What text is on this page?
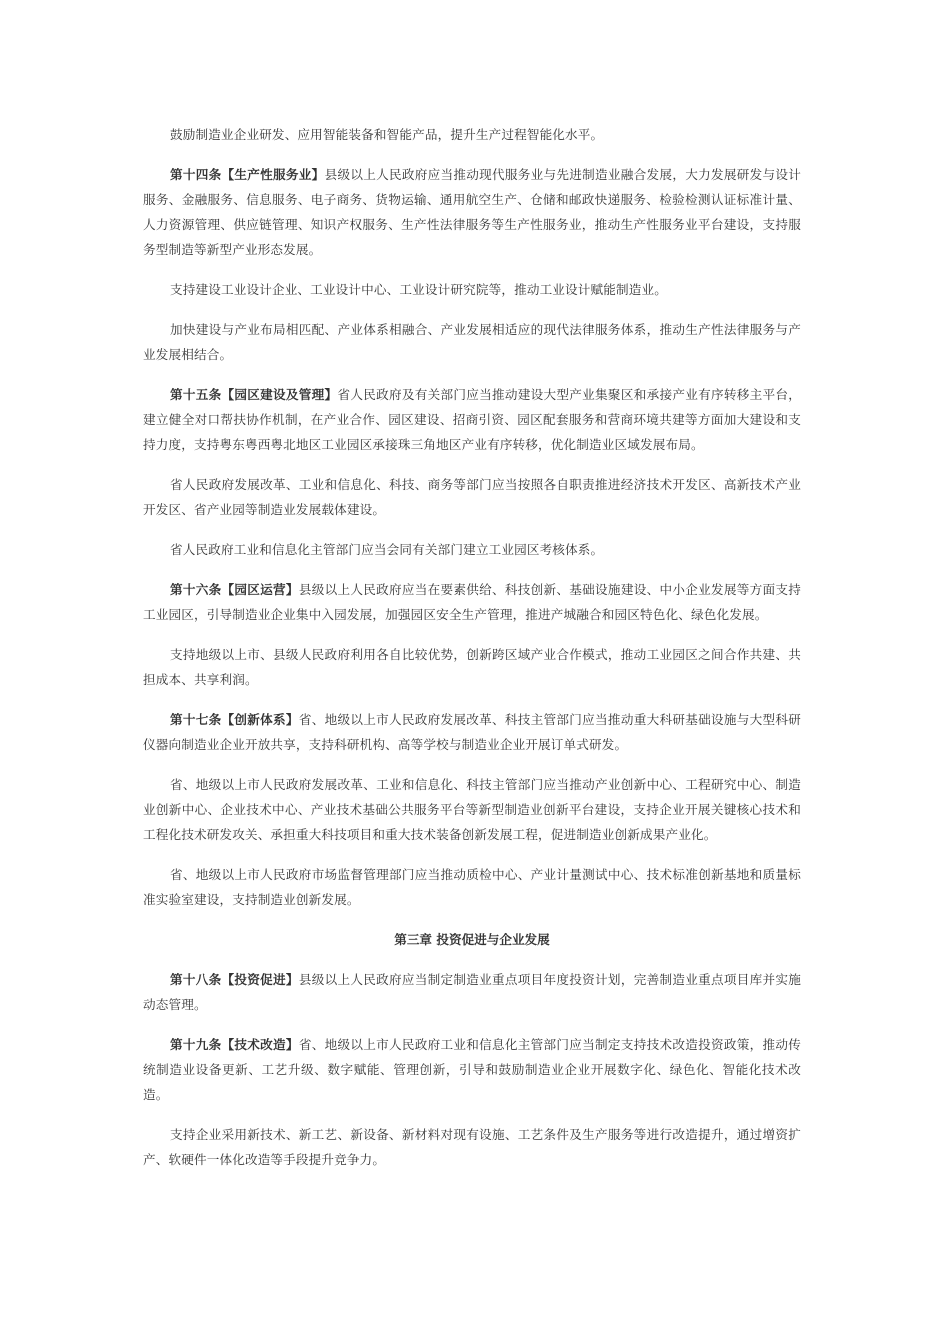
鼓励制造业企业研发、应用智能装备和智能产品，提升生产过程智能化水平。

第十四条【生产性服务业】县级以上人民政府应当推动现代服务业与先进制造业融合发展，大力发展研发与设计服务、金融服务、信息服务、电子商务、货物运输、通用航空生产、仓储和邮政快递服务、检验检测认证标准计量、人力资源管理、供应链管理、知识产权服务、生产性法律服务等生产性服务业，推动生产性服务业平台建设，支持服务型制造等新型产业形态发展。

支持建设工业设计企业、工业设计中心、工业设计研究院等，推动工业设计赋能制造业。

加快建设与产业布局相匹配、产业体系相融合、产业发展相适应的现代法律服务体系，推动生产性法律服务与产业发展相结合。

第十五条【园区建设及管理】省人民政府及有关部门应当推动建设大型产业集聚区和承接产业有序转移主平台，建立健全对口帮扶协作机制，在产业合作、园区建设、招商引资、园区配套服务和营商环境共建等方面加大建设和支持力度，支持粤东粤西粤北地区工业园区承接珠三角地区产业有序转移，优化制造业区域发展布局。

省人民政府发展改革、工业和信息化、科技、商务等部门应当按照各自职责推进经济技术开发区、高新技术产业开发区、省产业园等制造业发展载体建设。

省人民政府工业和信息化主管部门应当会同有关部门建立工业园区考核体系。

第十六条【园区运营】县级以上人民政府应当在要素供给、科技创新、基础设施建设、中小企业发展等方面支持工业园区，引导制造业企业集中入园发展，加强园区安全生产管理，推进产城融合和园区特色化、绿色化发展。

支持地级以上市、县级人民政府利用各自比较优势，创新跨区域产业合作模式，推动工业园区之间合作共建、共担成本、共享利润。

第十七条【创新体系】省、地级以上市人民政府发展改革、科技主管部门应当推动重大科研基础设施与大型科研仪器向制造业企业开放共享，支持科研机构、高等学校与制造业企业开展订单式研发。

省、地级以上市人民政府发展改革、工业和信息化、科技主管部门应当推动产业创新中心、工程研究中心、制造业创新中心、企业技术中心、产业技术基础公共服务平台等新型制造业创新平台建设，支持企业开展关键核心技术和工程化技术研发攻关、承担重大科技项目和重大技术装备创新发展工程，促进制造业创新成果产业化。

省、地级以上市人民政府市场监督管理部门应当推动质检中心、产业计量测试中心、技术标准创新基地和质量标准实验室建设，支持制造业创新发展。

第三章 投资促进与企业发展

第十八条【投资促进】县级以上人民政府应当制定制造业重点项目年度投资计划，完善制造业重点项目库并实施动态管理。

第十九条【技术改造】省、地级以上市人民政府工业和信息化主管部门应当制定支持技术改造投资政策，推动传统制造业设备更新、工艺升级、数字赋能、管理创新，引导和鼓励制造业企业开展数字化、绿色化、智能化技术改造。

支持企业采用新技术、新工艺、新设备、新材料对现有设施、工艺条件及生产服务等进行改造提升，通过增资扩产、软硬件一体化改造等手段提升竞争力。
